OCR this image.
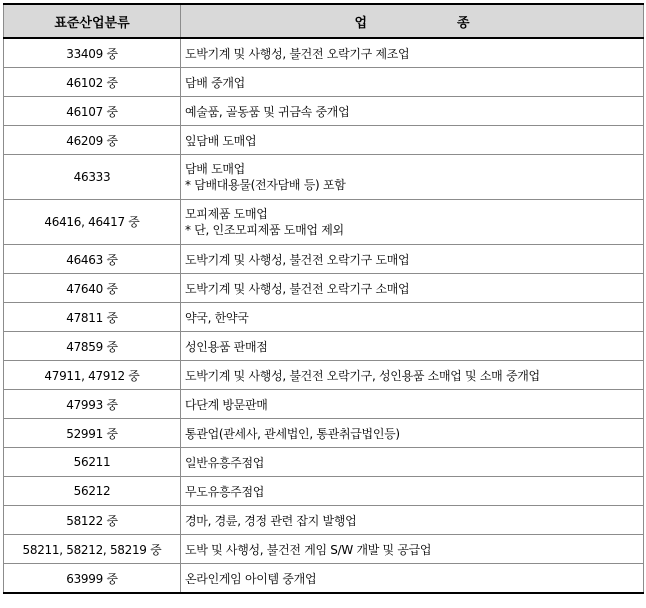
표준산업분류	업 종
33409 중	도박기계 및 사행성, 불건전 오락기구 제조업

46102 중	담배 중개업

46107 중	예술품, 골동품 및 귀금속 중개업

46209 중	잎담배 도매업

46333	담배 도매업
* 담배대용물(전자담배 등) 포함

46416, 46417 중	모피제품 도매업
* 단, 인조모피제품 도매업 제외

46463 중	도박기계 및 사행성, 불건전 오락기구 도매업

47640 중	도박기계 및 사행성, 불건전 오락기구 소매업

47811 중	약국, 한약국

47859 중	성인용품 판매점

47911, 47912 중	도박기계 및 사행성, 불건전 오락기구, 성인용품 소매업 및 소매 중개업

47993 중	다단계 방문판매

52991 중	통관업(관세사, 관세법인, 통관취급법인등)

56211	일반유흥주점업

56212	무도유흥주점업

58122 중	경마, 경륜, 경정 관련 잡지 발행업

58211, 58212, 58219 중	도박 및 사행성, 불건전 게임 S/W 개발 및 공급업

63999 중	온라인게임 아이템 중개업
